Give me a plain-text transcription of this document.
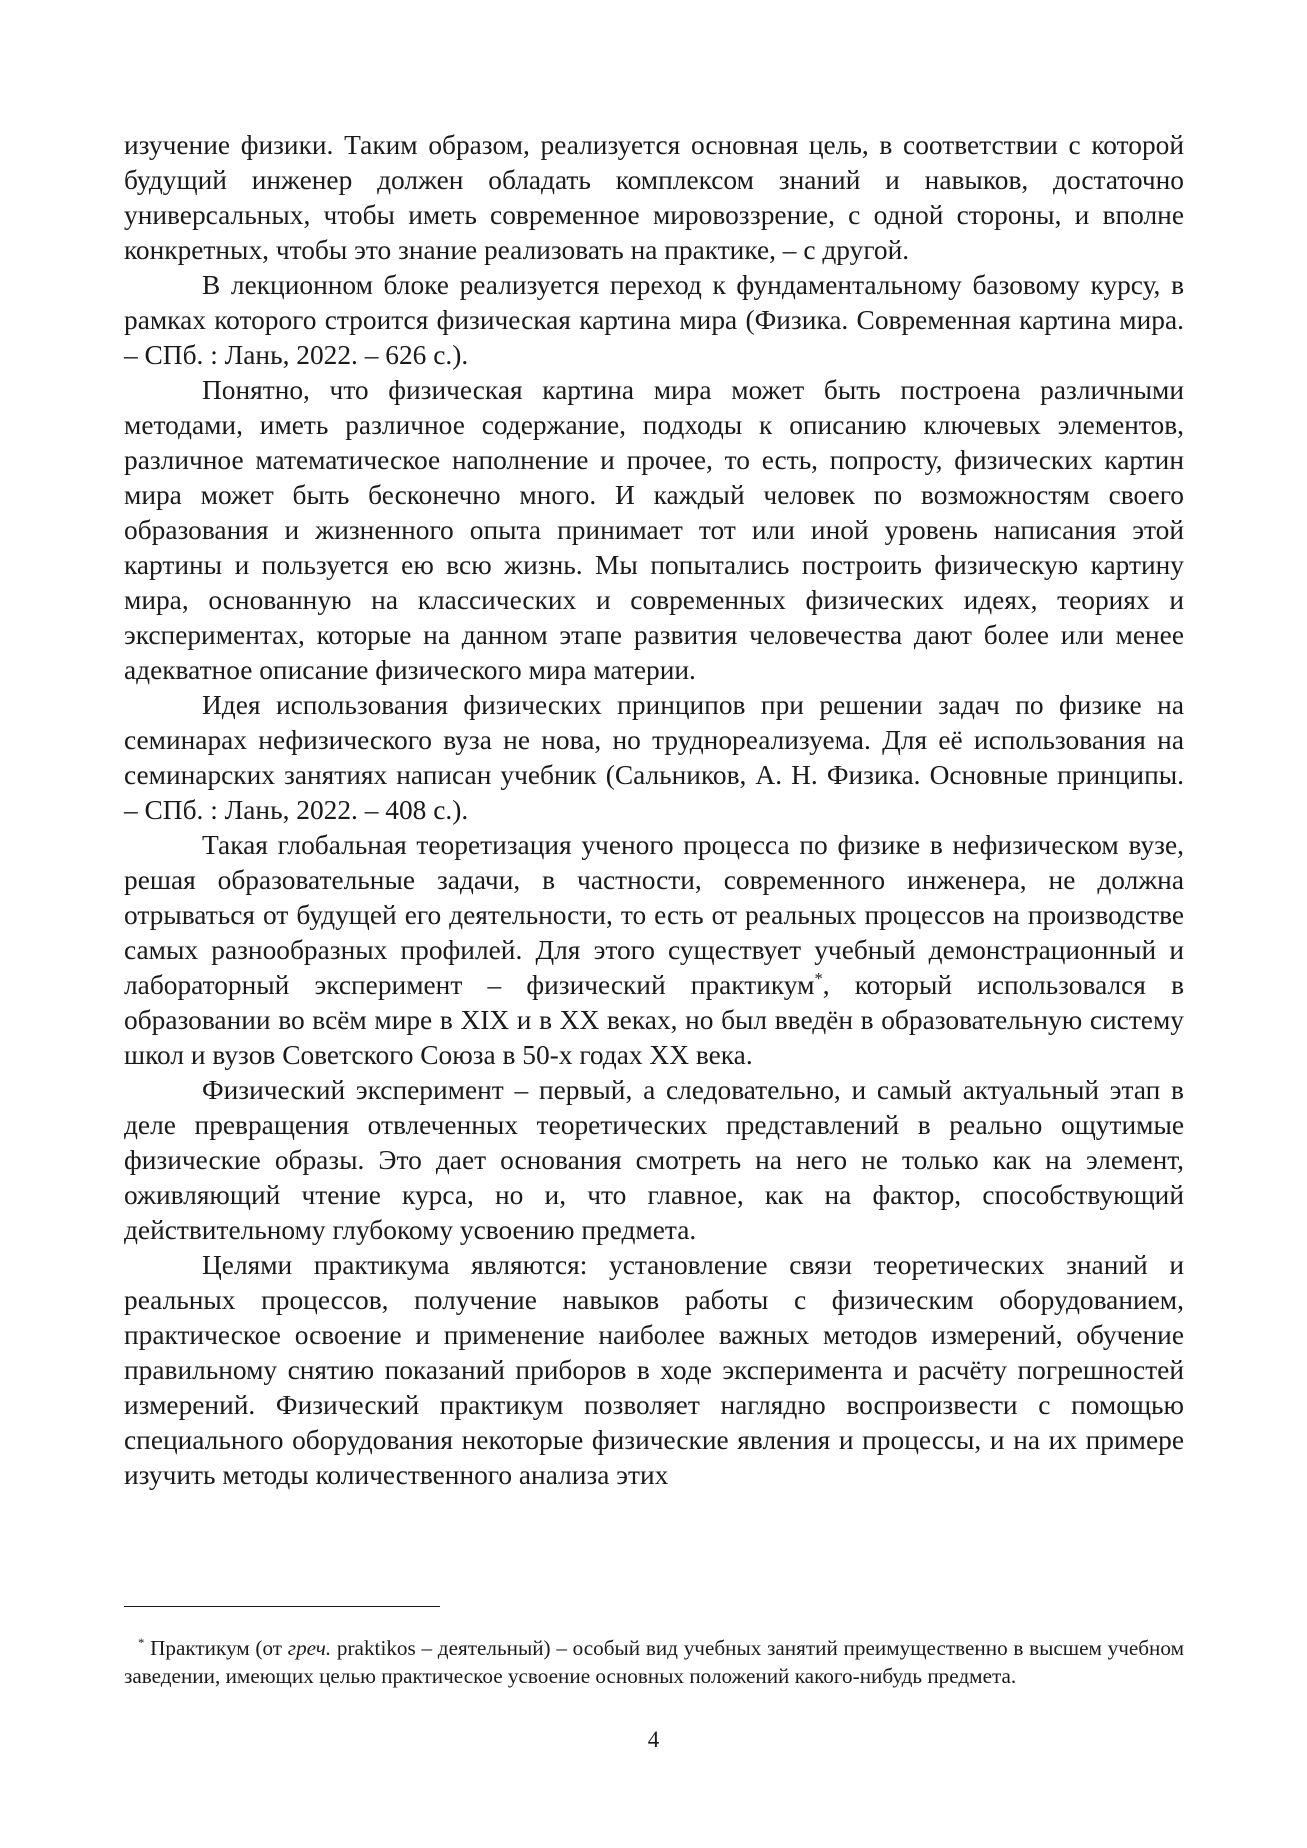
изучение физики. Таким образом, реализуется основная цель, в соответствии с которой будущий инженер должен обладать комплексом знаний и навыков, достаточно универсальных, чтобы иметь современное мировоззрение, с одной стороны, и вполне конкретных, чтобы это знание реализовать на практике, – с другой.

В лекционном блоке реализуется переход к фундаментальному базовому курсу, в рамках которого строится физическая картина мира (Физика. Современная картина мира. – СПб. : Лань, 2022. – 626 с.).

Понятно, что физическая картина мира может быть построена различными методами, иметь различное содержание, подходы к описанию ключевых элементов, различное математическое наполнение и прочее, то есть, попросту, физических картин мира может быть бесконечно много. И каждый человек по возможностям своего образования и жизненного опыта принимает тот или иной уровень написания этой картины и пользуется ею всю жизнь. Мы попытались построить физическую картину мира, основанную на классических и современных физических идеях, теориях и экспериментах, которые на данном этапе развития человечества дают более или менее адекватное описание физического мира материи.

Идея использования физических принципов при решении задач по физике на семинарах нефизического вуза не нова, но труднореализуема. Для её использования на семинарских занятиях написан учебник (Сальников, А. Н. Физика. Основные принципы. – СПб. : Лань, 2022. – 408 с.).

Такая глобальная теоретизация ученого процесса по физике в нефизическом вузе, решая образовательные задачи, в частности, современного инженера, не должна отрываться от будущей его деятельности, то есть от реальных процессов на производстве самых разнообразных профилей. Для этого существует учебный демонстрационный и лабораторный эксперимент – физический практикум*, который использовался в образовании во всём мире в XIX и в XX веках, но был введён в образовательную систему школ и вузов Советского Союза в 50-х годах XX века.

Физический эксперимент – первый, а следовательно, и самый актуальный этап в деле превращения отвлеченных теоретических представлений в реально ощутимые физические образы. Это дает основания смотреть на него не только как на элемент, оживляющий чтение курса, но и, что главное, как на фактор, способствующий действительному глубокому усвоению предмета.

Целями практикума являются: установление связи теоретических знаний и реальных процессов, получение навыков работы с физическим оборудованием, практическое освоение и применение наиболее важных методов измерений, обучение правильному снятию показаний приборов в ходе эксперимента и расчёту погрешностей измерений. Физический практикум позволяет наглядно воспроизвести с помощью специального оборудования некоторые физические явления и процессы, и на их примере изучить методы количественного анализа этих

* Практикум (от греч. praktikos – деятельный) – особый вид учебных занятий преимущественно в высшем учебном заведении, имеющих целью практическое усвоение основных положений какого-нибудь предмета.

4
